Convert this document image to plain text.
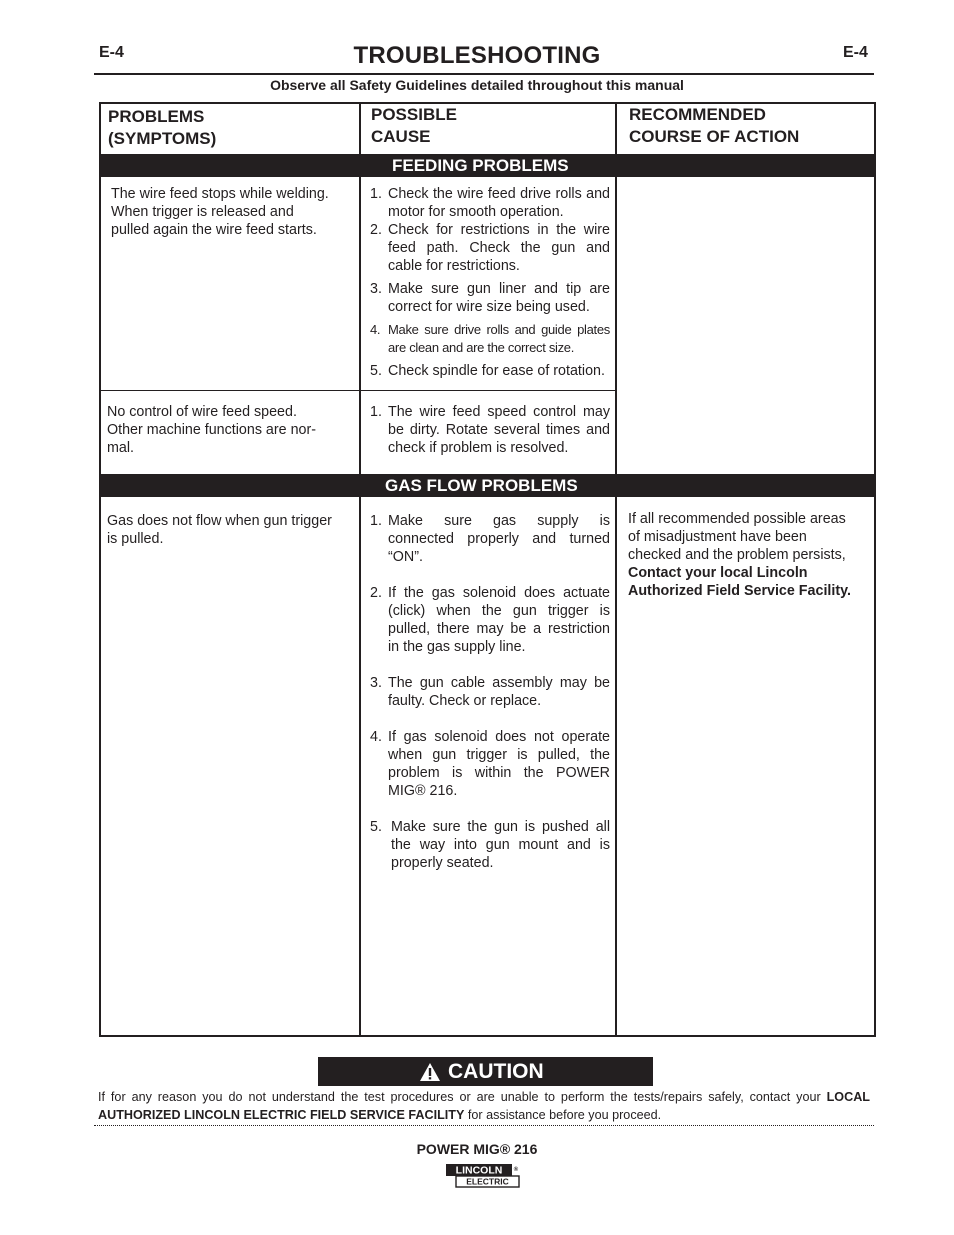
E-4	TROUBLESHOOTING	E-4
Observe all Safety Guidelines detailed throughout this manual
PROBLEMS
(SYMPTOMS)
POSSIBLE
CAUSE
RECOMMENDED
COURSE OF ACTION
FEEDING PROBLEMS
The wire feed stops while welding.
When trigger is released and
pulled again the wire feed starts.
1. Check the wire feed drive rolls and motor for smooth operation.
2. Check for restrictions in the wire feed path. Check the gun and cable for restrictions.
3. Make sure gun liner and tip are correct for wire size being used.
4. Make sure drive rolls and guide plates are clean and are the correct size.
5. Check spindle for ease of rotation.
No control of wire feed speed.
Other machine functions are nor-
mal.
1. The wire feed speed control may be dirty. Rotate several times and check if problem is resolved.
GAS FLOW PROBLEMS
Gas does not flow when gun trigger
is pulled.
1. Make sure gas supply is connected properly and turned “ON”.
2. If the gas solenoid does actuate (click) when the gun trigger is pulled, there may be a restriction in the gas supply line.
3. The gun cable assembly may be faulty. Check or replace.
4. If gas solenoid does not operate when gun trigger is pulled, the problem is within the POWER MIG® 216.
5. Make sure the gun is pushed all the way into gun mount and is properly seated.
If all recommended possible areas
of misadjustment have been
checked and the problem persists,
Contact your local Lincoln
Authorized Field Service Facility.
CAUTION
If for any reason you do not understand the test procedures or are unable to perform the tests/repairs safely, contact your LOCAL AUTHORIZED LINCOLN ELECTRIC FIELD SERVICE FACILITY for assistance before you proceed.
POWER MIG® 216
LINCOLN ®
ELECTRIC
